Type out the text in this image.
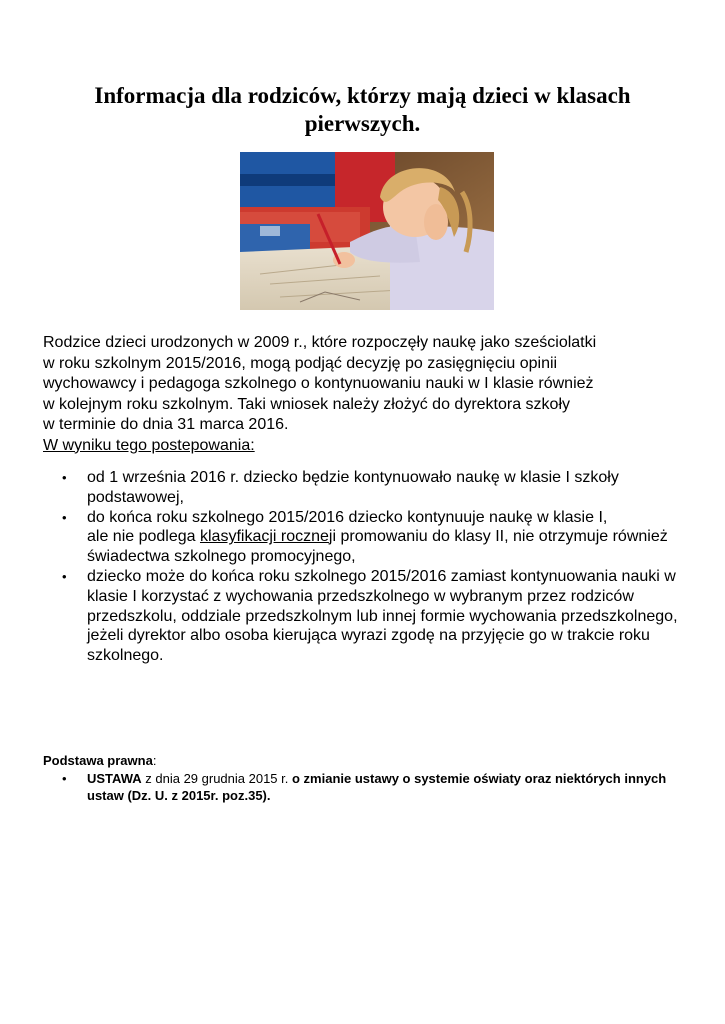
Informacja dla rodziców, którzy mają dzieci w klasach pierwszych.

Rodzice dzieci urodzonych w 2009 r., które rozpoczęły naukę jako sześciolatki

w roku szkolnym 2015/2016, mogą podjąć decyzję po zasięgnięciu opinii

wychowawcy i pedagoga szkolnego o kontynuowaniu nauki w I klasie również

w kolejnym roku szkolnym. Taki wniosek należy złożyć do dyrektora szkoły

w terminie do dnia 31 marca 2016.

W wyniku tego postepowania:

• od 1 września 2016 r. dziecko będzie kontynuowało naukę w klasie I szkoły podstawowej,
• do końca roku szkolnego 2015/2016 dziecko kontynuuje naukę w klasie I,
ale nie podlega klasyfikacji roczneji promowaniu do klasy II, nie otrzymuje również świadectwa szkolnego promocyjnego,
• dziecko może do końca roku szkolnego 2015/2016 zamiast kontynuowania nauki w klasie I korzystać z wychowania przedszkolnego w wybranym przez rodziców przedszkolu, oddziale przedszkolnym lub innej formie wychowania przedszkolnego, jeżeli dyrektor albo osoba kierująca wyrazi zgodę na przyjęcie go w trakcie roku szkolnego.
Podstawa prawna:
• USTAWA z dnia 29 grudnia 2015 r. o zmianie ustawy o systemie oświaty oraz niektórych innych ustaw (Dz. U. z 2015r. poz.35).
